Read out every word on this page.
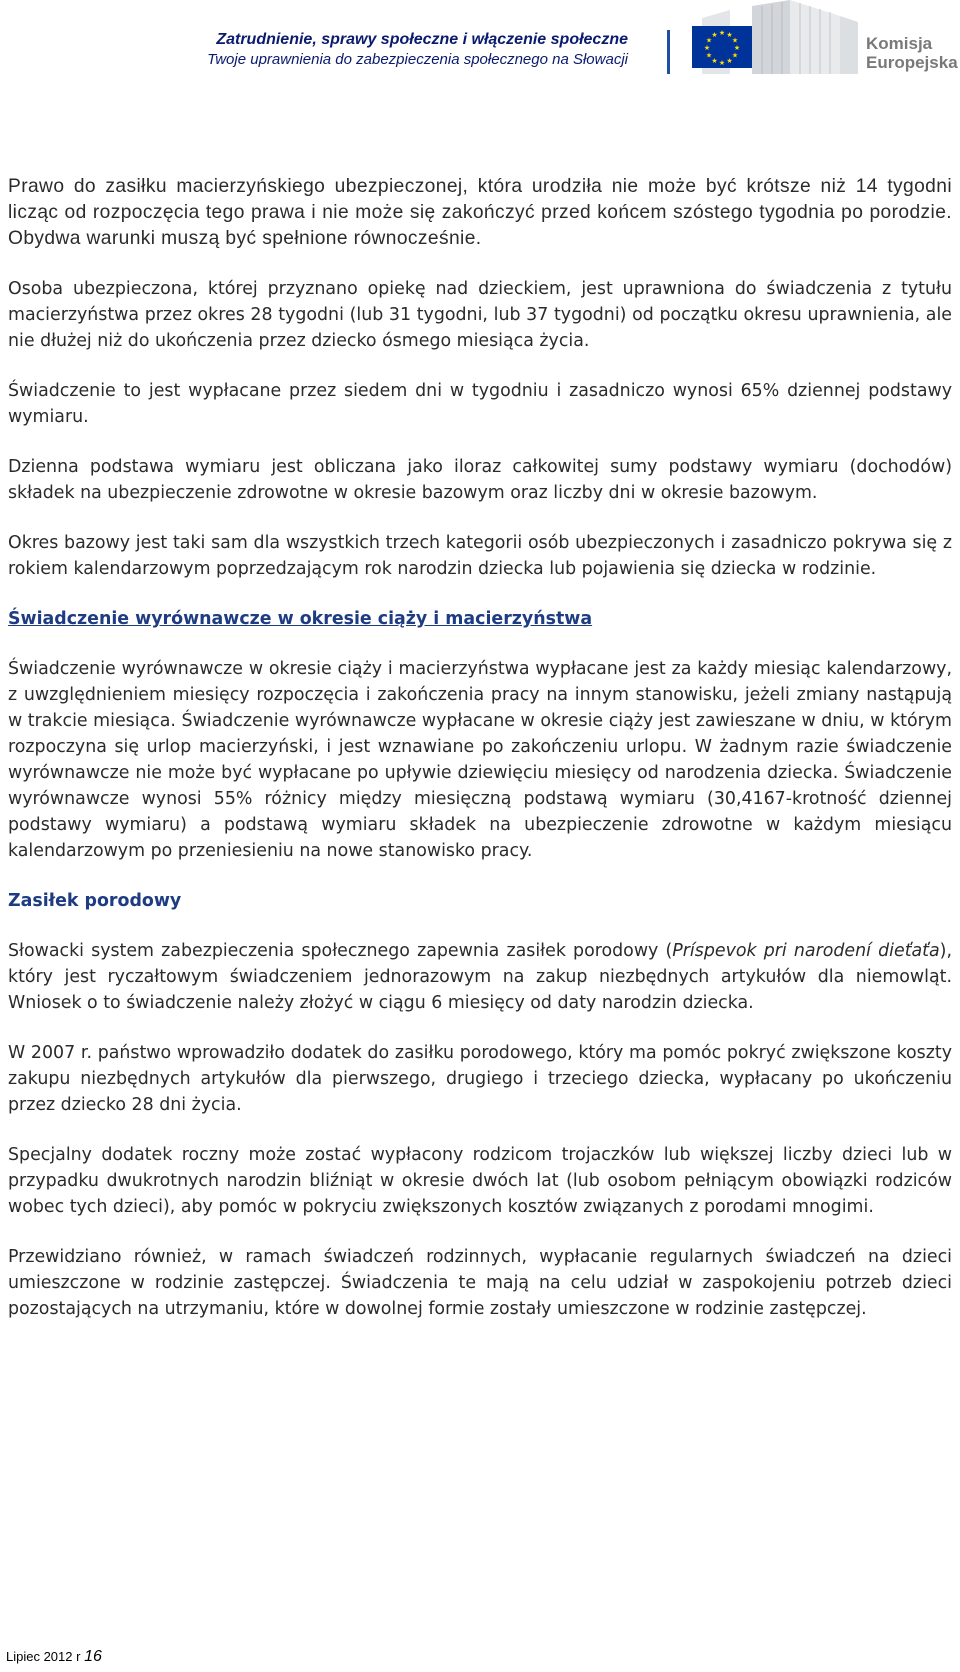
Zatrudnienie, sprawy społeczne i włączenie społeczne
Twoje uprawnienia do zabezpieczenia społecznego na Słowacji
★ ★
★
★
★
★
★
★
★
★
★
★	Komisja
Europejska

Prawo do zasiłku macierzyńskiego ubezpieczonej, która urodziła nie może być krótsze niż 14 tygodni licząc od rozpoczęcia tego prawa i nie może się zakończyć przed końcem szóstego tygodnia po porodzie. Obydwa warunki muszą być spełnione równocześnie.

Osoba ubezpieczona, której przyznano opiekę nad dzieckiem, jest uprawniona do świadczenia z tytułu macierzyństwa przez okres 28 tygodni (lub 31 tygodni, lub 37 tygodni) od początku okresu uprawnienia, ale nie dłużej niż do ukończenia przez dziecko ósmego miesiąca życia.

Świadczenie to jest wypłacane przez siedem dni w tygodniu i zasadniczo wynosi 65% dziennej podstawy wymiaru.

Dzienna podstawa wymiaru jest obliczana jako iloraz całkowitej sumy podstawy wymiaru (dochodów) składek na ubezpieczenie zdrowotne w okresie bazowym oraz liczby dni w okresie bazowym.

Okres bazowy jest taki sam dla wszystkich trzech kategorii osób ubezpieczonych i zasadniczo pokrywa się z rokiem kalendarzowym poprzedzającym rok narodzin dziecka lub pojawienia się dziecka w rodzinie.

Świadczenie wyrównawcze w okresie ciąży i macierzyństwa

Świadczenie wyrównawcze w okresie ciąży i macierzyństwa wypłacane jest za każdy miesiąc kalendarzowy, z uwzględnieniem miesięcy rozpoczęcia i zakończenia pracy na innym stanowisku, jeżeli zmiany nastąpują w trakcie miesiąca. Świadczenie wyrównawcze wypłacane w okresie ciąży jest zawieszane w dniu, w którym rozpoczyna się urlop macierzyński, i jest wznawiane po zakończeniu urlopu. W żadnym razie świadczenie wyrównawcze nie może być wypłacane po upływie dziewięciu miesięcy od narodzenia dziecka. Świadczenie wyrównawcze wynosi 55% różnicy między miesięczną podstawą wymiaru (30,4167-krotność dziennej podstawy wymiaru) a podstawą wymiaru składek na ubezpieczenie zdrowotne w każdym miesiącu kalendarzowym po przeniesieniu na nowe stanowisko pracy.

Zasiłek porodowy

Słowacki system zabezpieczenia społecznego zapewnia zasiłek porodowy (Príspevok pri narodení dieťaťa), który jest ryczałtowym świadczeniem jednorazowym na zakup niezbędnych artykułów dla niemowląt. Wniosek o to świadczenie należy złożyć w ciągu 6 miesięcy od daty narodzin dziecka.

W 2007 r. państwo wprowadziło dodatek do zasiłku porodowego, który ma pomóc pokryć zwiększone koszty zakupu niezbędnych artykułów dla pierwszego, drugiego i trzeciego dziecka, wypłacany po ukończeniu przez dziecko 28 dni życia.

Specjalny dodatek roczny może zostać wypłacony rodzicom trojaczków lub większej liczby dzieci lub w przypadku dwukrotnych narodzin bliźniąt w okresie dwóch lat (lub osobom pełniącym obowiązki rodziców wobec tych dzieci), aby pomóc w pokryciu zwiększonych kosztów związanych z porodami mnogimi.

Przewidziano również, w ramach świadczeń rodzinnych, wypłacanie regularnych świadczeń na dzieci umieszczone w rodzinie zastępczej. Świadczenia te mają na celu udział w zaspokojeniu potrzeb dzieci pozostających na utrzymaniu, które w dowolnej formie zostały umieszczone w rodzinie zastępczej.

Lipiec 2012 r 16
